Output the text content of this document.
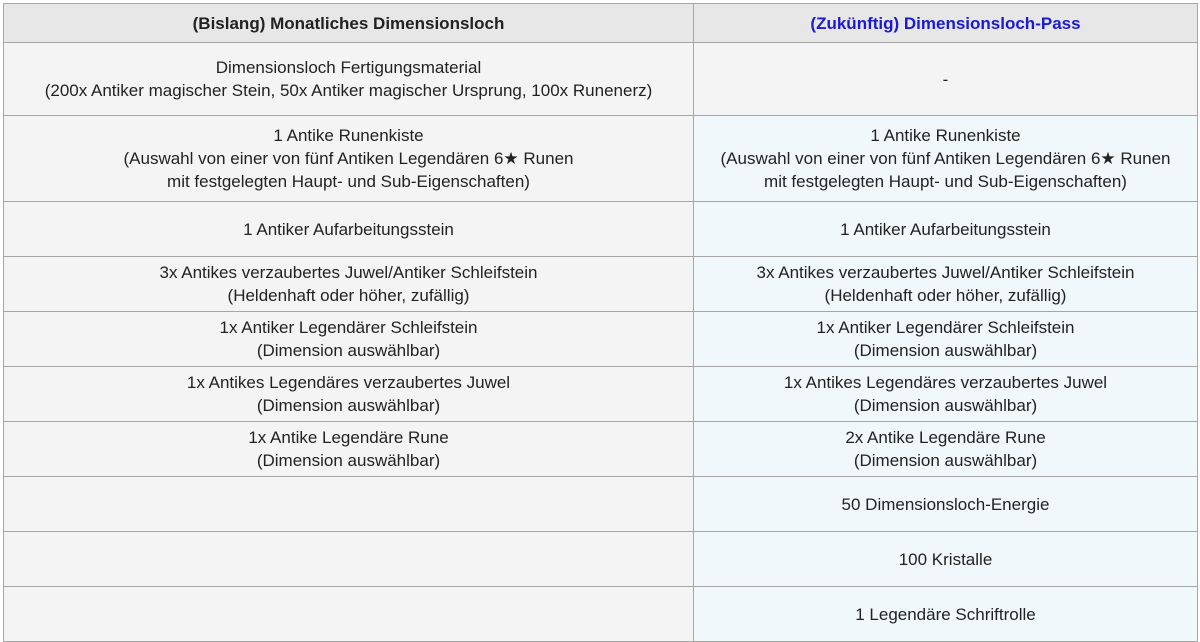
(Bislang) Monatliches Dimensionsloch	(Zukünftig) Dimensionsloch-Pass

Dimensionsloch Fertigungsmaterial
(200x Antiker magischer Stein, 50x Antiker magischer Ursprung, 100x Runenerz)	-

1 Antike Runenkiste
(Auswahl von einer von fünf Antiken Legendären 6★ Runen
mit festgelegten Haupt- und Sub-Eigenschaften)	1 Antike Runenkiste
(Auswahl von einer von fünf Antiken Legendären 6★ Runen
mit festgelegten Haupt- und Sub-Eigenschaften)

1 Antiker Aufarbeitungsstein	1 Antiker Aufarbeitungsstein

3x Antikes verzaubertes Juwel/Antiker Schleifstein
(Heldenhaft oder höher, zufällig)	3x Antikes verzaubertes Juwel/Antiker Schleifstein
(Heldenhaft oder höher, zufällig)

1x Antiker Legendärer Schleifstein
(Dimension auswählbar)	1x Antiker Legendärer Schleifstein
(Dimension auswählbar)

1x Antikes Legendäres verzaubertes Juwel
(Dimension auswählbar)	1x Antikes Legendäres verzaubertes Juwel
(Dimension auswählbar)

1x Antike Legendäre Rune
(Dimension auswählbar)	2x Antike Legendäre Rune
(Dimension auswählbar)

	50 Dimensionsloch-Energie

	100 Kristalle

	1 Legendäre Schriftrolle
